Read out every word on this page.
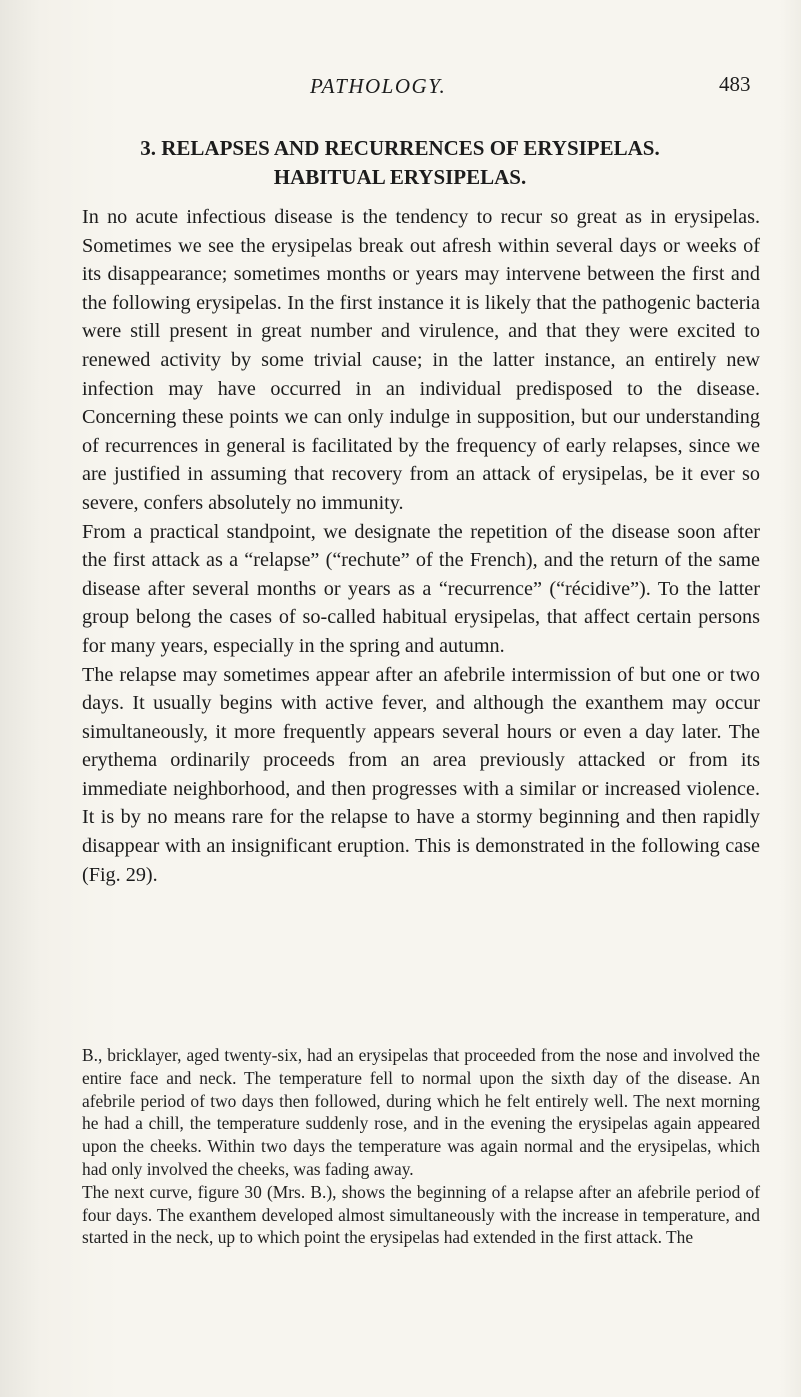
PATHOLOGY.	483
3. RELAPSES AND RECURRENCES OF ERYSIPELAS.
HABITUAL ERYSIPELAS.

In no acute infectious disease is the tendency to recur so great as in erysipelas. Sometimes we see the erysipelas break out afresh within several days or weeks of its disappearance; sometimes months or years may intervene between the first and the following erysipelas. In the first instance it is likely that the pathogenic bacteria were still present in great number and virulence, and that they were excited to renewed activity by some trivial cause; in the latter instance, an entirely new infection may have occurred in an individual predisposed to the disease. Concerning these points we can only indulge in supposition, but our understanding of recurrences in general is facilitated by the frequency of early relapses, since we are justified in assuming that recovery from an attack of erysipelas, be it ever so severe, confers absolutely no immunity.

From a practical standpoint, we designate the repetition of the disease soon after the first attack as a “relapse” (“rechute” of the French), and the return of the same disease after several months or years as a “recurrence” (“récidive”). To the latter group belong the cases of so-called habitual erysipelas, that affect certain persons for many years, especially in the spring and autumn.

The relapse may sometimes appear after an afebrile intermission of but one or two days. It usually begins with active fever, and although the exanthem may occur simultaneously, it more frequently appears several hours or even a day later. The erythema ordinarily proceeds from an area previously attacked or from its immediate neighborhood, and then progresses with a similar or increased violence. It is by no means rare for the relapse to have a stormy beginning and then rapidly disappear with an insignificant eruption. This is demonstrated in the following case (Fig. 29).

B., bricklayer, aged twenty-six, had an erysipelas that proceeded from the nose and involved the entire face and neck. The temperature fell to normal upon the sixth day of the disease. An afebrile period of two days then followed, during which he felt entirely well. The next morning he had a chill, the temperature suddenly rose, and in the evening the erysipelas again appeared upon the cheeks. Within two days the temperature was again normal and the erysipelas, which had only involved the cheeks, was fading away.

The next curve, figure 30 (Mrs. B.), shows the beginning of a relapse after an afebrile period of four days. The exanthem developed almost simultaneously with the increase in temperature, and started in the neck, up to which point the erysipelas had extended in the first attack. The
